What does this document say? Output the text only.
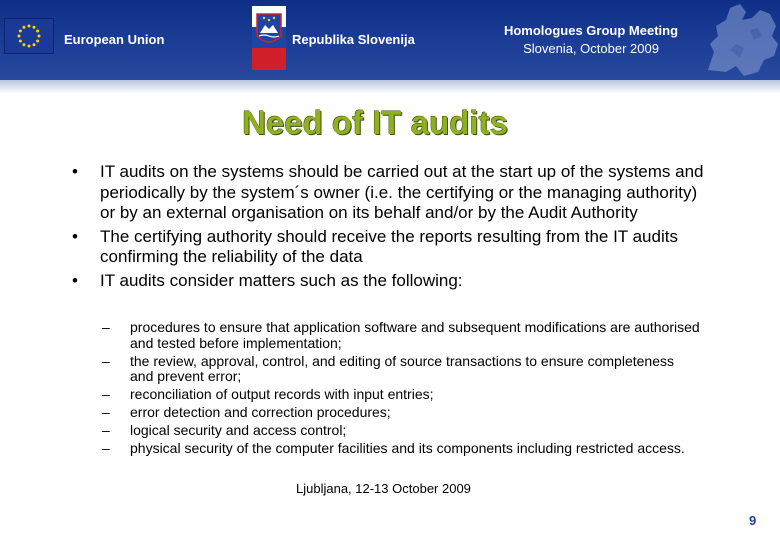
European Union	Republika Slovenija
Homologues Group Meeting
Slovenia, October 2009
Need of IT audits
• IT audits on the systems should be carried out at the start up of the systems and periodically by the system´s owner (i.e. the certifying or the managing authority) or by an external organisation on its behalf and/or by the Audit Authority
• The certifying authority should receive the reports resulting from the IT audits confirming the reliability of the data
• IT audits consider matters such as the following:
– procedures to ensure that application software and subsequent modifications are authorised and tested before implementation;
– the review, approval, control, and editing of source transactions to ensure completeness and prevent error;
– reconciliation of output records with input entries;
– error detection and correction procedures;
– logical security and access control;
– physical security of the computer facilities and its components including restricted access.
Ljubljana, 12-13 October 2009
9
